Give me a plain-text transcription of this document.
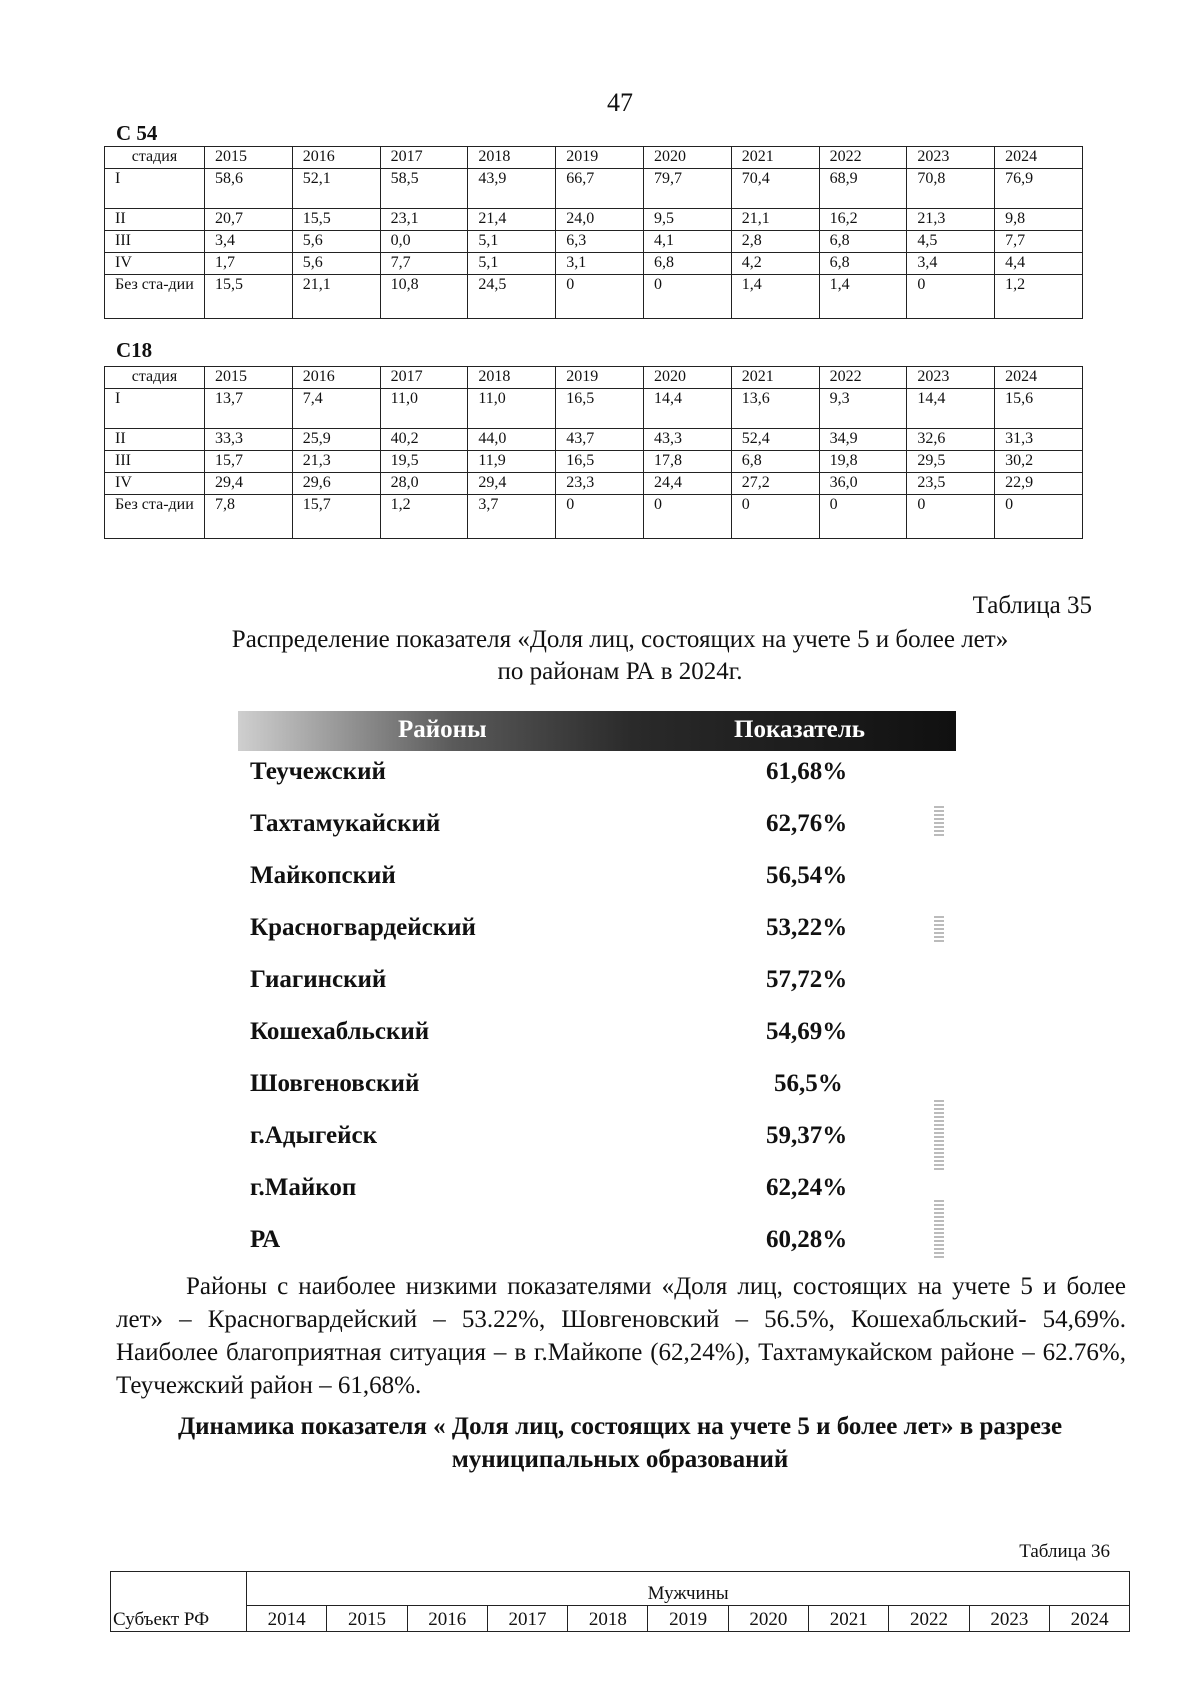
47
С 54
стадия	2015	2016	2017	2018	2019	2020	2021	2022	2023	2024
I	58,6	52,1	58,5	43,9	66,7	79,7	70,4	68,9	70,8	76,9
II	20,7	15,5	23,1	21,4	24,0	9,5	21,1	16,2	21,3	9,8
III	3,4	5,6	0,0	5,1	6,3	4,1	2,8	6,8	4,5	7,7
IV	1,7	5,6	7,7	5,1	3,1	6,8	4,2	6,8	3,4	4,4
Без ста-дии	15,5	21,1	10,8	24,5	0	0	1,4	1,4	0	1,2
С18
стадия	2015	2016	2017	2018	2019	2020	2021	2022	2023	2024
I	13,7	7,4	11,0	11,0	16,5	14,4	13,6	9,3	14,4	15,6
II	33,3	25,9	40,2	44,0	43,7	43,3	52,4	34,9	32,6	31,3
III	15,7	21,3	19,5	11,9	16,5	17,8	6,8	19,8	29,5	30,2
IV	29,4	29,6	28,0	29,4	23,3	24,4	27,2	36,0	23,5	22,9
Без ста-дии	7,8	15,7	1,2	3,7	0	0	0	0	0	0
Таблица 35
Распределение показателя «Доля лиц, состоящих на учете 5 и более лет»
по районам РА в 2024г.
Районы	Показатель
Теучежский	61,68%
Тахтамукайский	62,76%
Майкопский	56,54%
Красногвардейский	53,22%
Гиагинский	57,72%
Кошехабльский	54,69%
Шовгеновский	56,5%
г.Адыгейск	59,37%
г.Майкоп	62,24%
РА	60,28%

Районы с наиболее низкими показателями «Доля лиц, состоящих на учете 5 и более лет» – Красногвардейский – 53.22%, Шовгеновский – 56.5%, Кошехабльский- 54,69%. Наиболее благоприятная ситуация – в г.Майкопе (62,24%), Тахтамукайском районе – 62.76%, Теучежский район – 61,68%.

Динамика показателя « Доля лиц, состоящих на учете 5 и более лет» в разрезе муниципальных образований
Таблица 36
Субъект РФ	Мужчины										
	2014	2015	2016	2017	2018	2019	2020	2021	2022	2023	2024
